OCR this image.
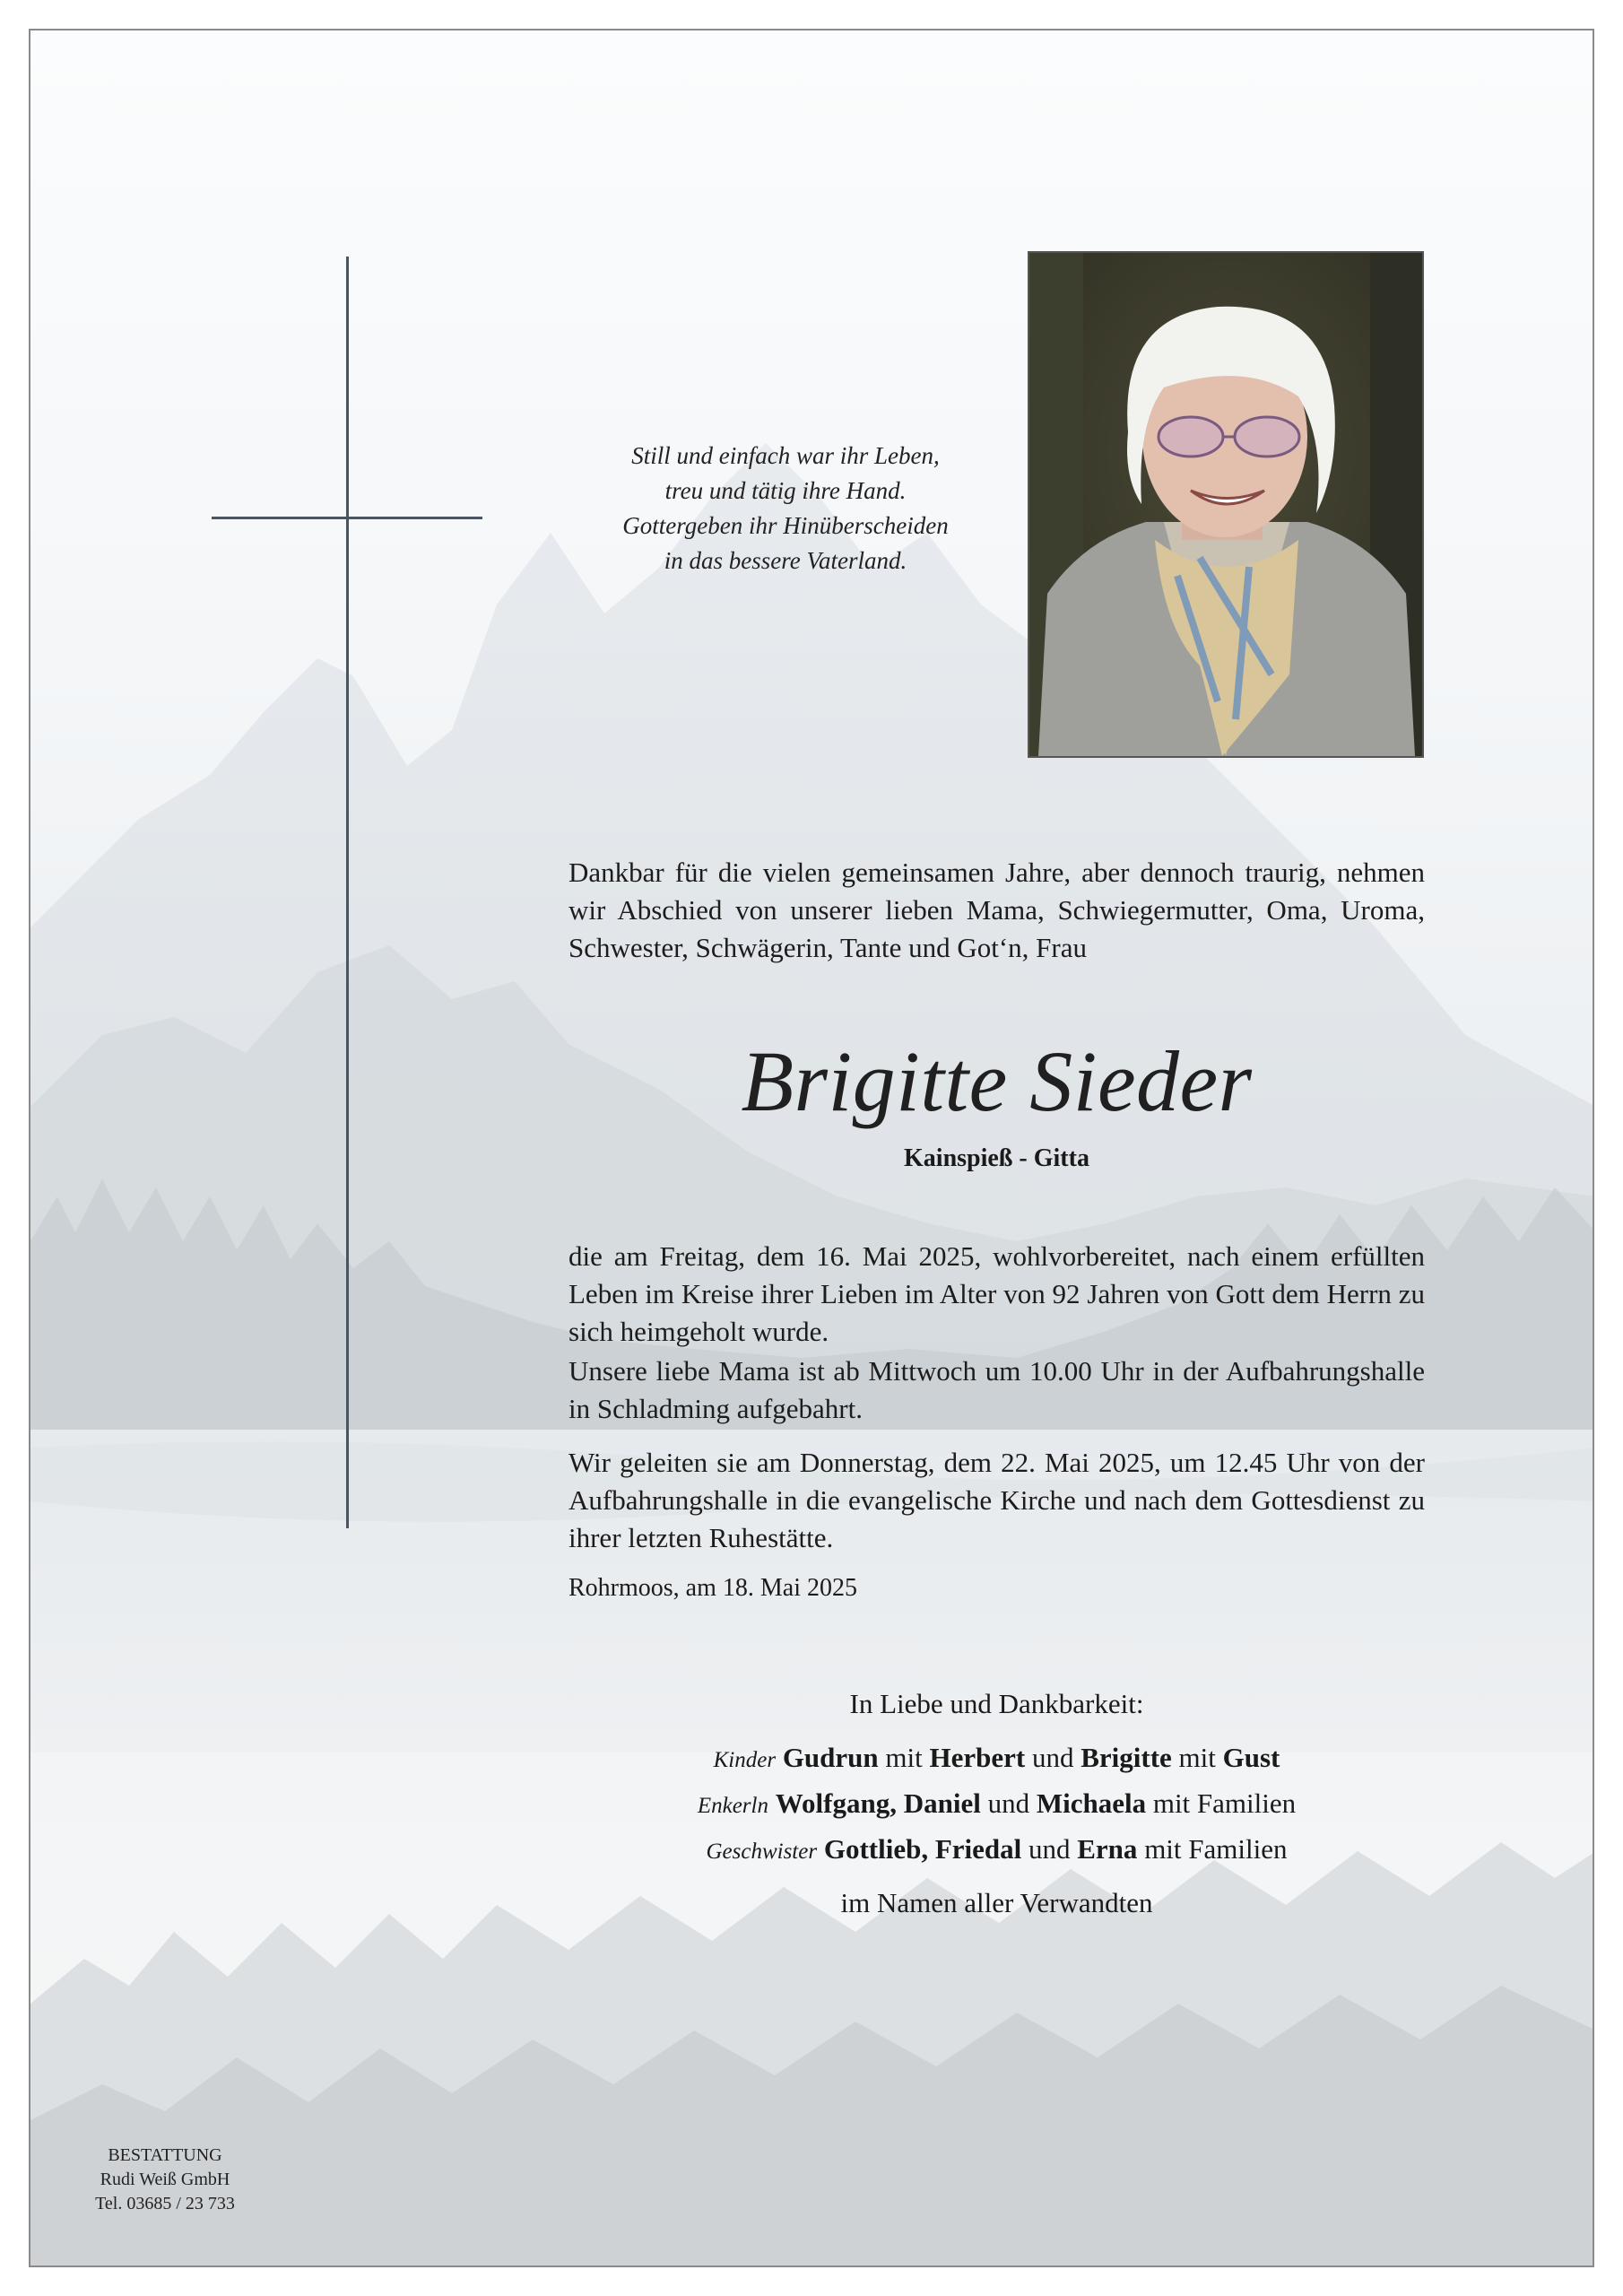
Still und einfach war ihr Leben,
treu und tätig ihre Hand.
Gottergeben ihr Hinüberscheiden
in das bessere Vaterland.
Dankbar für die vielen gemeinsamen Jahre, aber dennoch traurig, nehmen wir Abschied von unserer lieben Mama, Schwiegermutter, Oma, Uroma, Schwester, Schwägerin, Tante und Got‘n, Frau
Brigitte Sieder
Kainspieß - Gitta
die am Freitag, dem 16. Mai 2025, wohlvorbereitet, nach einem erfüllten Leben im Kreise ihrer Lieben im Alter von 92 Jahren von Gott dem Herrn zu sich heimgeholt wurde.
Unsere liebe Mama ist ab Mittwoch um 10.00 Uhr in der Aufbahrungshalle in Schladming aufgebahrt.
Wir geleiten sie am Donnerstag, dem 22. Mai 2025, um 12.45 Uhr von der Aufbahrungshalle in die evangelische Kirche und nach dem Gottesdienst zu ihrer letzten Ruhestätte.
Rohrmoos, am 18. Mai 2025
In Liebe und Dankbarkeit:
Kinder Gudrun mit Herbert und Brigitte mit Gust
Enkerln Wolfgang, Daniel und Michaela mit Familien
Geschwister Gottlieb, Friedal und Erna mit Familien
im Namen aller Verwandten
BESTATTUNG
Rudi Weiß GmbH
Tel. 03685 / 23 733
